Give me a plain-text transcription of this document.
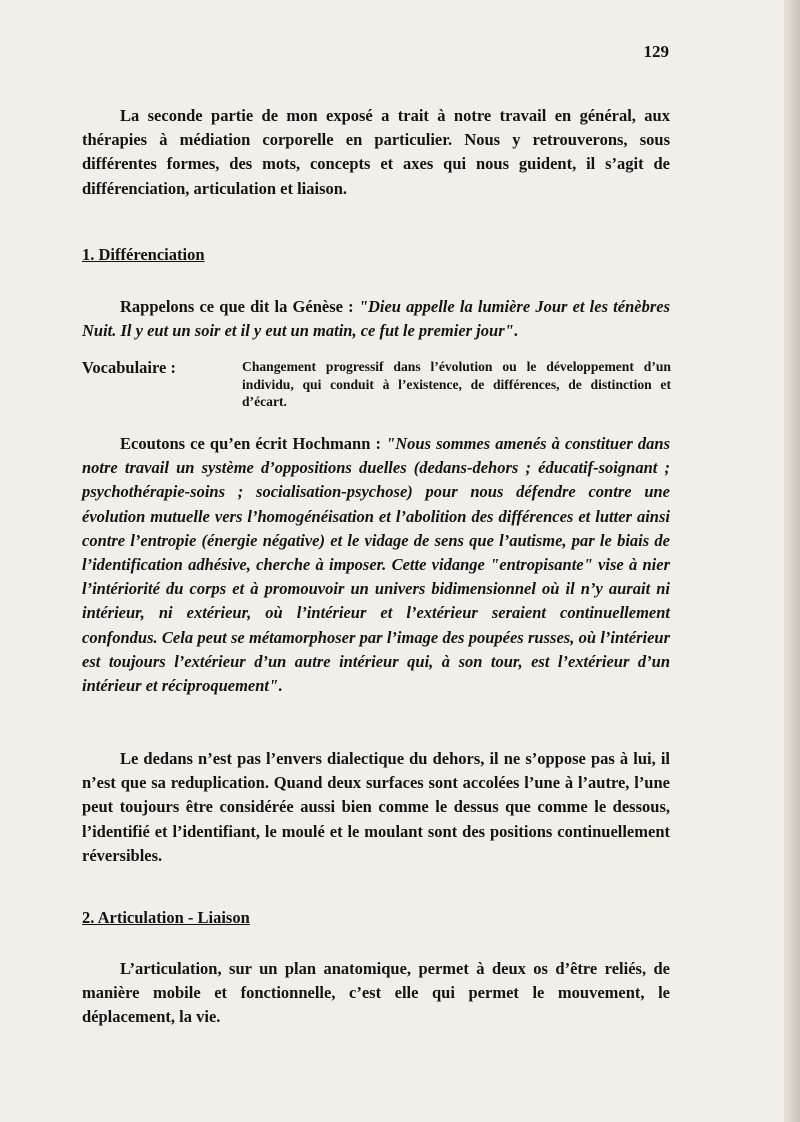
129

La seconde partie de mon exposé a trait à notre travail en général, aux thérapies à médiation corporelle en particulier. Nous y retrouverons, sous différentes formes, des mots, concepts et axes qui nous guident, il s’agit de différenciation, articulation et liaison.

1. Différenciation

Rappelons ce que dit la Génèse : "Dieu appelle la lumière Jour et les ténèbres Nuit. Il y eut un soir et il y eut un matin, ce fut le premier jour".

Vocabulaire :	Changement progressif dans l’évolution ou le développement d’un individu, qui conduit à l’existence, de différences, de distinction et d’écart.

Ecoutons ce qu’en écrit Hochmann : "Nous sommes amenés à constituer dans notre travail un système d’oppositions duelles (dedans-dehors ; éducatif-soignant ; psychothérapie-soins ; socialisation-psychose) pour nous défendre contre une évolution mutuelle vers l’homogénéisation et l’abolition des différences et lutter ainsi contre l’entropie (énergie négative) et le vidage de sens que l’autisme, par le biais de l’identification adhésive, cherche à imposer. Cette vidange "entropisante" vise à nier l’intériorité du corps et à promouvoir un univers bidimensionnel où il n’y aurait ni intérieur, ni extérieur, où l’intérieur et l’extérieur seraient continuellement confondus. Cela peut se métamorphoser par l’image des poupées russes, où l’intérieur est toujours l’extérieur d’un autre intérieur qui, à son tour, est l’extérieur d’un intérieur et réciproquement".

Le dedans n’est pas l’envers dialectique du dehors, il ne s’oppose pas à lui, il n’est que sa reduplication. Quand deux surfaces sont accolées l’une à l’autre, l’une peut toujours être considérée aussi bien comme le dessus que comme le dessous, l’identifié et l’identifiant, le moulé et le moulant sont des positions continuellement réversibles.

2. Articulation - Liaison

L’articulation, sur un plan anatomique, permet à deux os d’être reliés, de manière mobile et fonctionnelle, c’est elle qui permet le mouvement, le déplacement, la vie.
